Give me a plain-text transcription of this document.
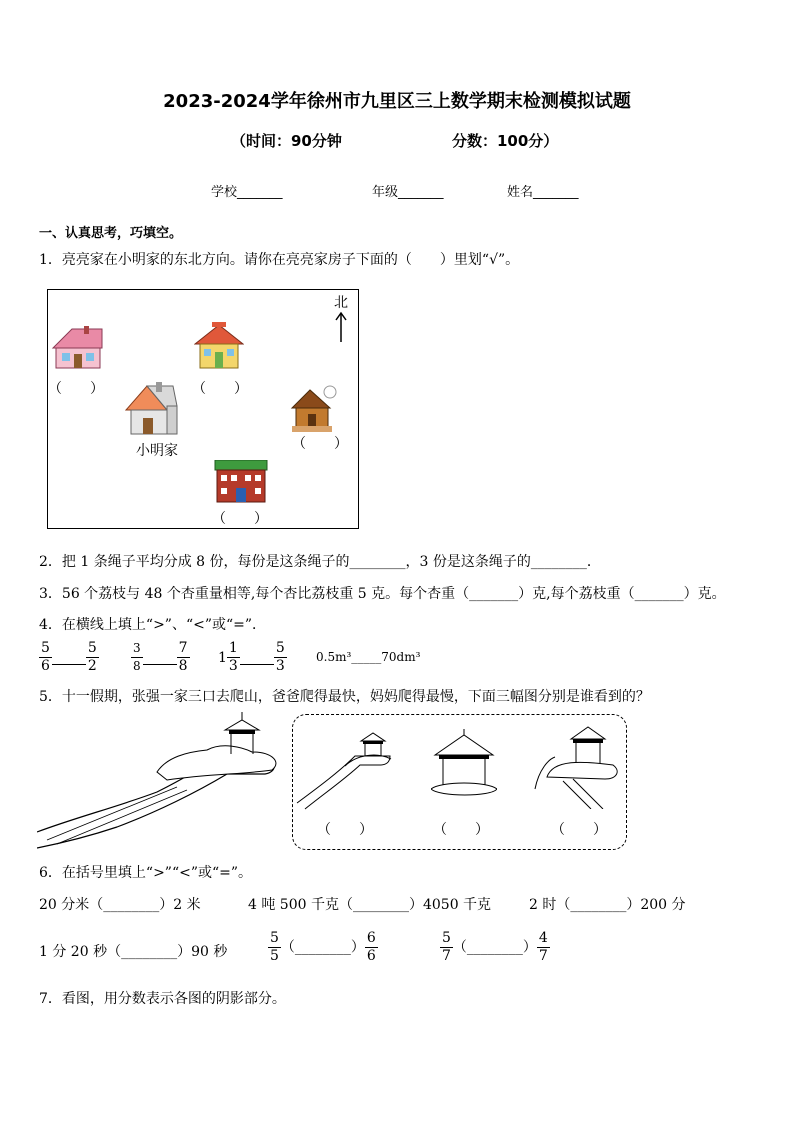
2023-2024学年徐州市九里区三上数学期末检测模拟试题
（时间：90分钟	分数：100分）
学校_______	年级_______	姓名_______
一、认真思考，巧填空。
1．亮亮家在小明家的东北方向。请你在亮亮家房子下面的（　　）里划“√”。
北
（　　）	（　　）
小明家	（　　）
（　　）
2．把 1 条绳子平均分成 8 份，每份是这条绳子的________，3 份是这条绳子的________．
3．56 个荔枝与 48 个杏重量相等,每个杏比荔枝重 5 克。每个杏重（_______）克,每个荔枝重（_______）克。
4．在横线上填上“>”、“<”或“=”．
$\frac{5}{6} \frac{5}{2}$	$\frac{3}{8} \frac{7}{8} 1 \frac{1}{3} \frac{5}{3}$ 0.5m³_____70dm³
5．十一假期，张强一家三口去爬山，爸爸爬得最快，妈妈爬得最慢，下面三幅图分别是谁看到的？
（　　）	（　　）	（　　）
6．在括号里填上“>”“<”或“=”。
20 分米（________）2 米	4 吨 500 千克（________）4050 千克	2 时（________）200 分
1 分 20 秒（________）90 秒	$\frac{5}{5}$ （________） $\frac{6}{6}$	$\frac{5}{7}$ （________） $\frac{4}{7}$
7．看图，用分数表示各图的阴影部分。
